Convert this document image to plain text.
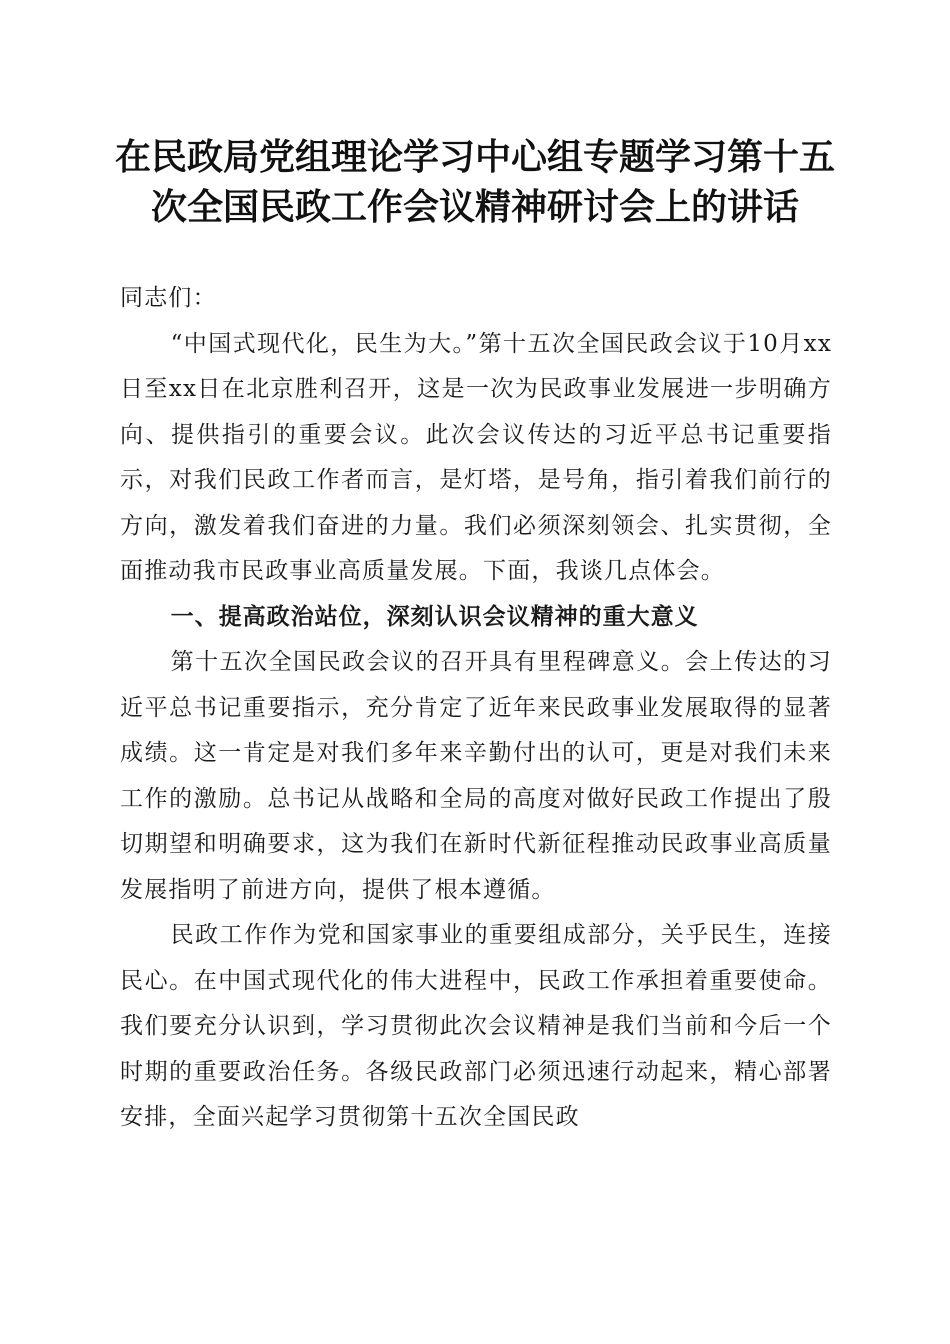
在民政局党组理论学习中心组专题学习第十五
次全国民政工作会议精神研讨会上的讲话

同志们：

“中国式现代化，民生为大。”第十五次全国民政会议于10月xx日至xx日在北京胜利召开，这是一次为民政事业发展进一步明确方向、提供指引的重要会议。此次会议传达的习近平总书记重要指示，对我们民政工作者而言，是灯塔，是号角，指引着我们前行的方向，激发着我们奋进的力量。我们必须深刻领会、扎实贯彻，全面推动我市民政事业高质量发展。下面，我谈几点体会。

一、提高政治站位，深刻认识会议精神的重大意义

第十五次全国民政会议的召开具有里程碑意义。会上传达的习近平总书记重要指示，充分肯定了近年来民政事业发展取得的显著成绩。这一肯定是对我们多年来辛勤付出的认可，更是对我们未来工作的激励。总书记从战略和全局的高度对做好民政工作提出了殷切期望和明确要求，这为我们在新时代新征程推动民政事业高质量发展指明了前进方向，提供了根本遵循。

民政工作作为党和国家事业的重要组成部分，关乎民生，连接民心。在中国式现代化的伟大进程中，民政工作承担着重要使命。我们要充分认识到，学习贯彻此次会议精神是我们当前和今后一个时期的重要政治任务。各级民政部门必须迅速行动起来，精心部署安排，全面兴起学习贯彻第十五次全国民政
